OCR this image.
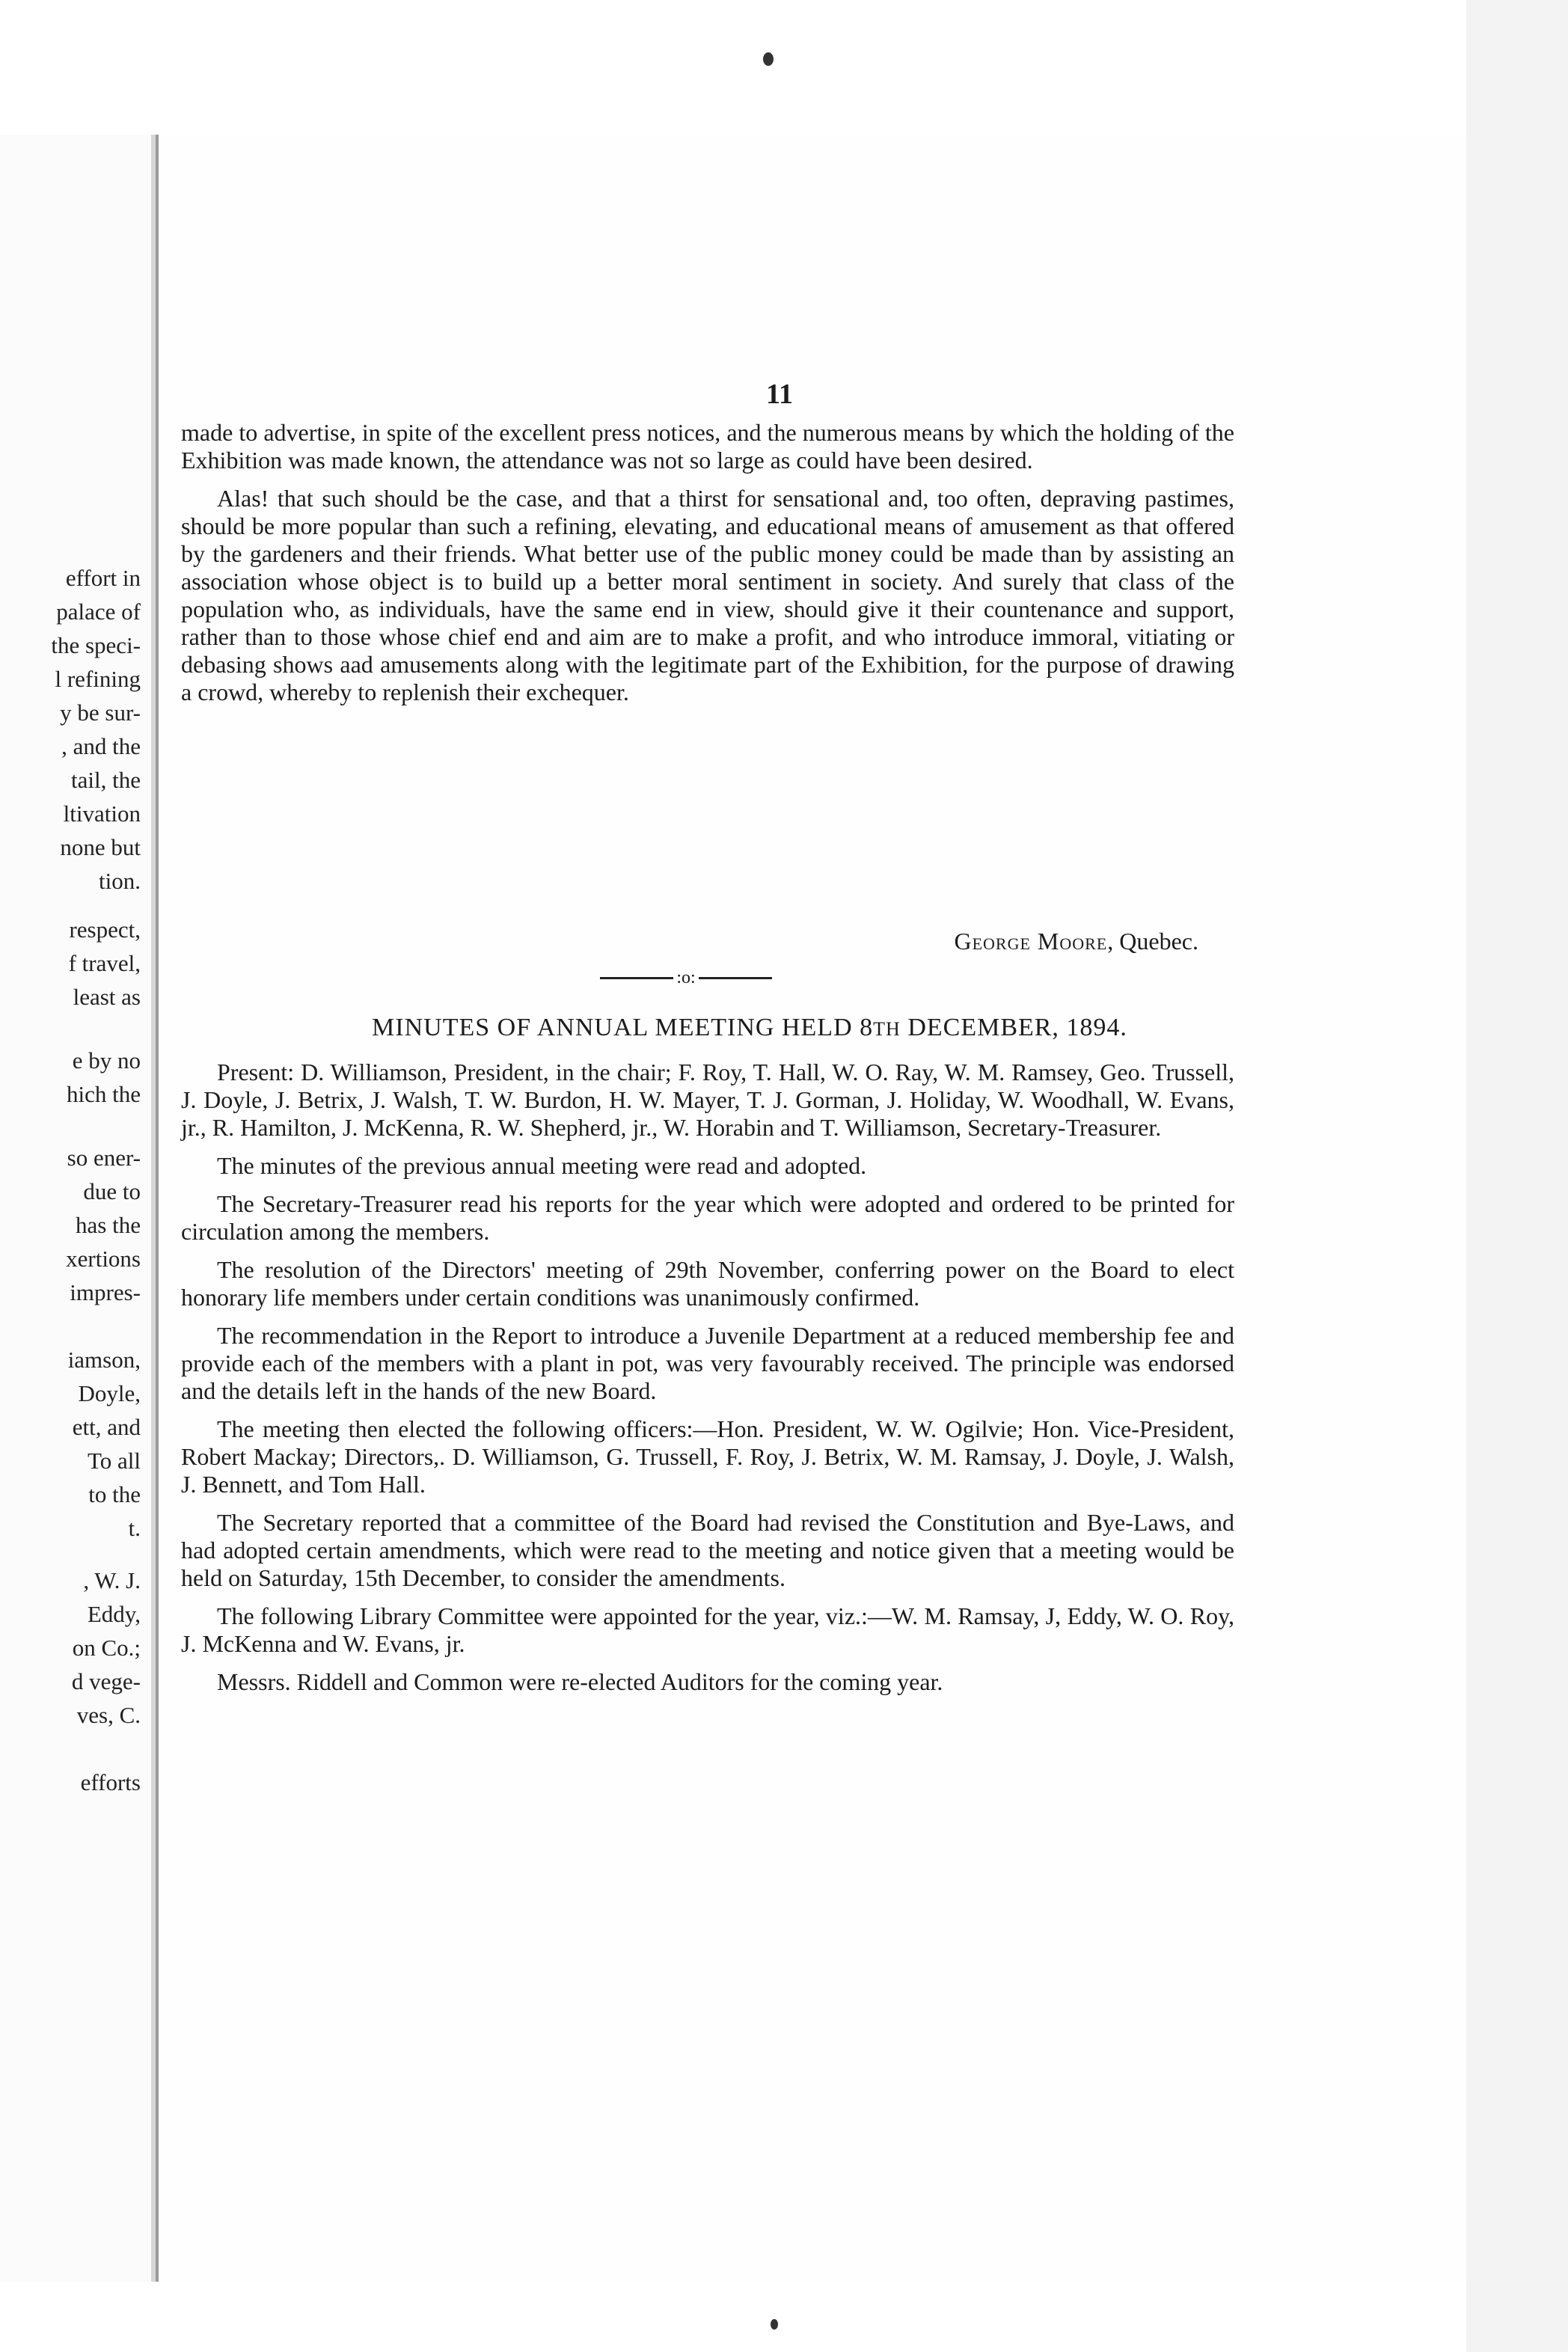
effort in
palace of
the speci-
l refining
y be sur-
, and the
tail, the
ltivation
none but
tion.
respect,
f travel,
least as
e by no
hich the
so ener-
due to
has the
xertions
impres-
iamson,
Doyle,
ett, and
To all
to the
t.
, W. J.
Eddy,
on Co.;
d vege-
ves, C.
efforts
11

made to advertise, in spite of the excellent press notices, and the numerous means by which the holding of the Exhibition was made known, the attendance was not so large as could have been desired.

Alas! that such should be the case, and that a thirst for sensational and, too often, depraving pastimes, should be more popular than such a refining, elevating, and educational means of amusement as that offered by the gardeners and their friends. What better use of the public money could be made than by assisting an association whose object is to build up a better moral sentiment in society. And surely that class of the population who, as individuals, have the same end in view, should give it their countenance and support, rather than to those whose chief end and aim are to make a profit, and who introduce immoral, vitiating or debasing shows aad amusements along with the legitimate part of the Exhibition, for the purpose of drawing a crowd, whereby to replenish their exchequer.

George Moore, Quebec.
:o:
MINUTES OF ANNUAL MEETING HELD 8TH DECEMBER, 1894.

Present: D. Williamson, President, in the chair; F. Roy, T. Hall, W. O. Ray, W. M. Ramsey, Geo. Trussell, J. Doyle, J. Betrix, J. Walsh, T. W. Burdon, H. W. Mayer, T. J. Gorman, J. Holiday, W. Woodhall, W. Evans, jr., R. Hamilton, J. McKenna, R. W. Shepherd, jr., W. Horabin and T. Williamson, Secretary-Treasurer.

The minutes of the previous annual meeting were read and adopted.

The Secretary-Treasurer read his reports for the year which were adopted and ordered to be printed for circulation among the members.

The resolution of the Directors' meeting of 29th November, conferring power on the Board to elect honorary life members under certain conditions was unanimously confirmed.

The recommendation in the Report to introduce a Juvenile Department at a reduced membership fee and provide each of the members with a plant in pot, was very favourably received. The principle was endorsed and the details left in the hands of the new Board.

The meeting then elected the following officers:—Hon. President, W. W. Ogilvie; Hon. Vice-President, Robert Mackay; Directors,. D. Williamson, G. Trussell, F. Roy, J. Betrix, W. M. Ramsay, J. Doyle, J. Walsh, J. Bennett, and Tom Hall.

The Secretary reported that a committee of the Board had revised the Constitution and Bye-Laws, and had adopted certain amendments, which were read to the meeting and notice given that a meeting would be held on Saturday, 15th December, to consider the amendments.

The following Library Committee were appointed for the year, viz.:—W. M. Ramsay, J, Eddy, W. O. Roy, J. McKenna and W. Evans, jr.

Messrs. Riddell and Common were re-elected Auditors for the coming year.
